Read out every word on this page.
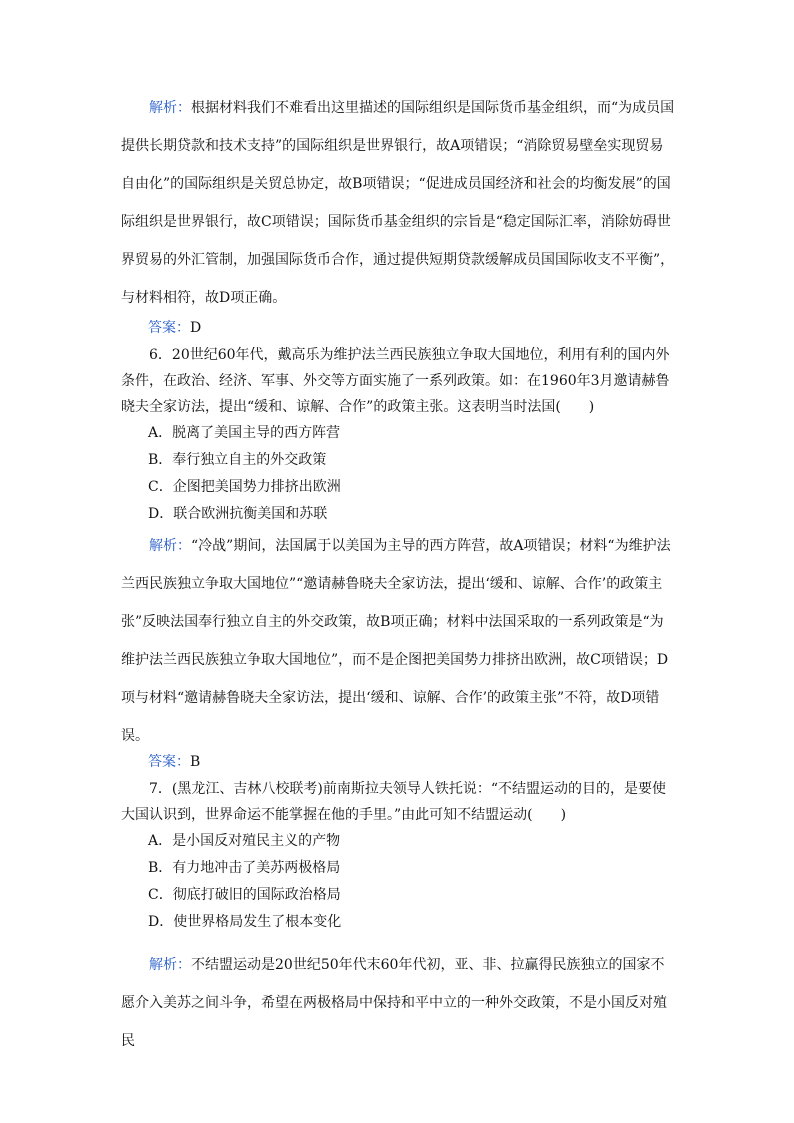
解析：根据材料我们不难看出这里描述的国际组织是国际货币基金组织，而“为成员国提供长期贷款和技术支持”的国际组织是世界银行，故A项错误；“消除贸易壁垒实现贸易自由化”的国际组织是关贸总协定，故B项错误；“促进成员国经济和社会的均衡发展”的国际组织是世界银行，故C项错误；国际货币基金组织的宗旨是“稳定国际汇率，消除妨碍世界贸易的外汇管制，加强国际货币合作，通过提供短期贷款缓解成员国国际收支不平衡”，与材料相符，故D项正确。

答案：D

6．20世纪60年代，戴高乐为维护法兰西民族独立争取大国地位，利用有利的国内外条件，在政治、经济、军事、外交等方面实施了一系列政策。如：在1960年3月邀请赫鲁晓夫全家访法，提出“缓和、谅解、合作”的政策主张。这表明当时法国(　　)

A．脱离了美国主导的西方阵营
B．奉行独立自主的外交政策
C．企图把美国势力排挤出欧洲
D．联合欧洲抗衡美国和苏联

解析：“冷战”期间，法国属于以美国为主导的西方阵营，故A项错误；材料“为维护法兰西民族独立争取大国地位”“邀请赫鲁晓夫全家访法，提出‘缓和、谅解、合作’的政策主张”反映法国奉行独立自主的外交政策，故B项正确；材料中法国采取的一系列政策是“为维护法兰西民族独立争取大国地位”，而不是企图把美国势力排挤出欧洲，故C项错误；D项与材料“邀请赫鲁晓夫全家访法，提出‘缓和、谅解、合作’的政策主张”不符，故D项错误。

答案：B

7．(黑龙江、吉林八校联考)前南斯拉夫领导人铁托说：“不结盟运动的目的，是要使大国认识到，世界命运不能掌握在他的手里。”由此可知不结盟运动(　　)

A．是小国反对殖民主义的产物
B．有力地冲击了美苏两极格局
C．彻底打破旧的国际政治格局
D．使世界格局发生了根本变化

解析：不结盟运动是20世纪50年代末60年代初，亚、非、拉赢得民族独立的国家不愿介入美苏之间斗争，希望在两极格局中保持和平中立的一种外交政策，不是小国反对殖民
